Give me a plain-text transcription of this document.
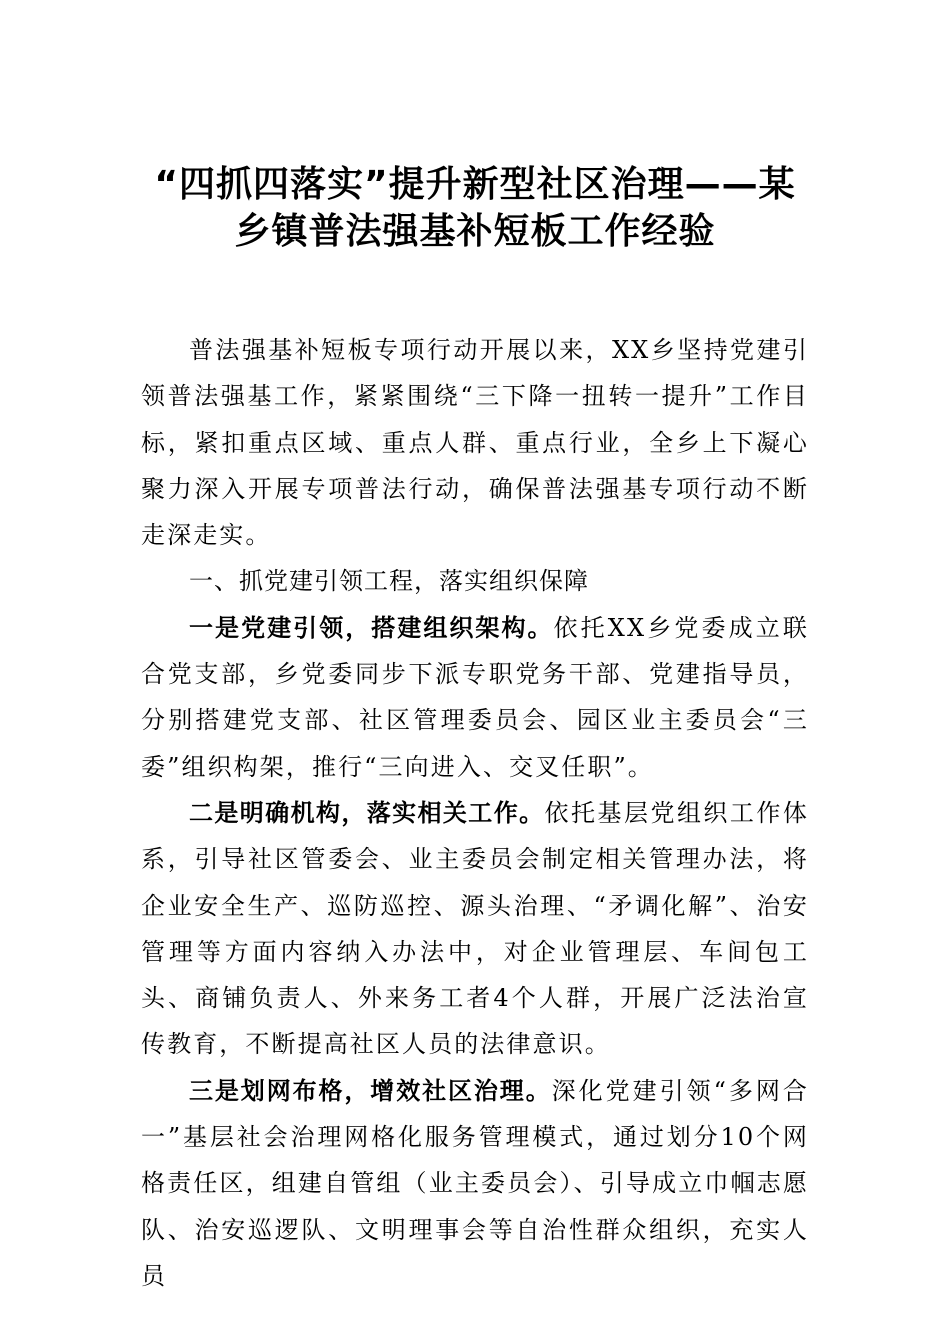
“四抓四落实”提升新型社区治理——某
乡镇普法强基补短板工作经验

普法强基补短板专项行动开展以来，XX乡坚持党建引领普法强基工作，紧紧围绕“三下降一扭转一提升”工作目标，紧扣重点区域、重点人群、重点行业，全乡上下凝心聚力深入开展专项普法行动，确保普法强基专项行动不断走深走实。

一、抓党建引领工程，落实组织保障

一是党建引领，搭建组织架构。依托XX乡党委成立联合党支部，乡党委同步下派专职党务干部、党建指导员，分别搭建党支部、社区管理委员会、园区业主委员会“三委”组织构架，推行“三向进入、交叉任职”。

二是明确机构，落实相关工作。依托基层党组织工作体系，引导社区管委会、业主委员会制定相关管理办法，将企业安全生产、巡防巡控、源头治理、“矛调化解”、治安管理等方面内容纳入办法中，对企业管理层、车间包工头、商铺负责人、外来务工者4个人群，开展广泛法治宣传教育，不断提高社区人员的法律意识。

三是划网布格，增效社区治理。深化党建引领“多网合一”基层社会治理网格化服务管理模式，通过划分10个网格责任区，组建自管组（业主委员会）、引导成立巾帼志愿队、治安巡逻队、文明理事会等自治性群众组织，充实人员
